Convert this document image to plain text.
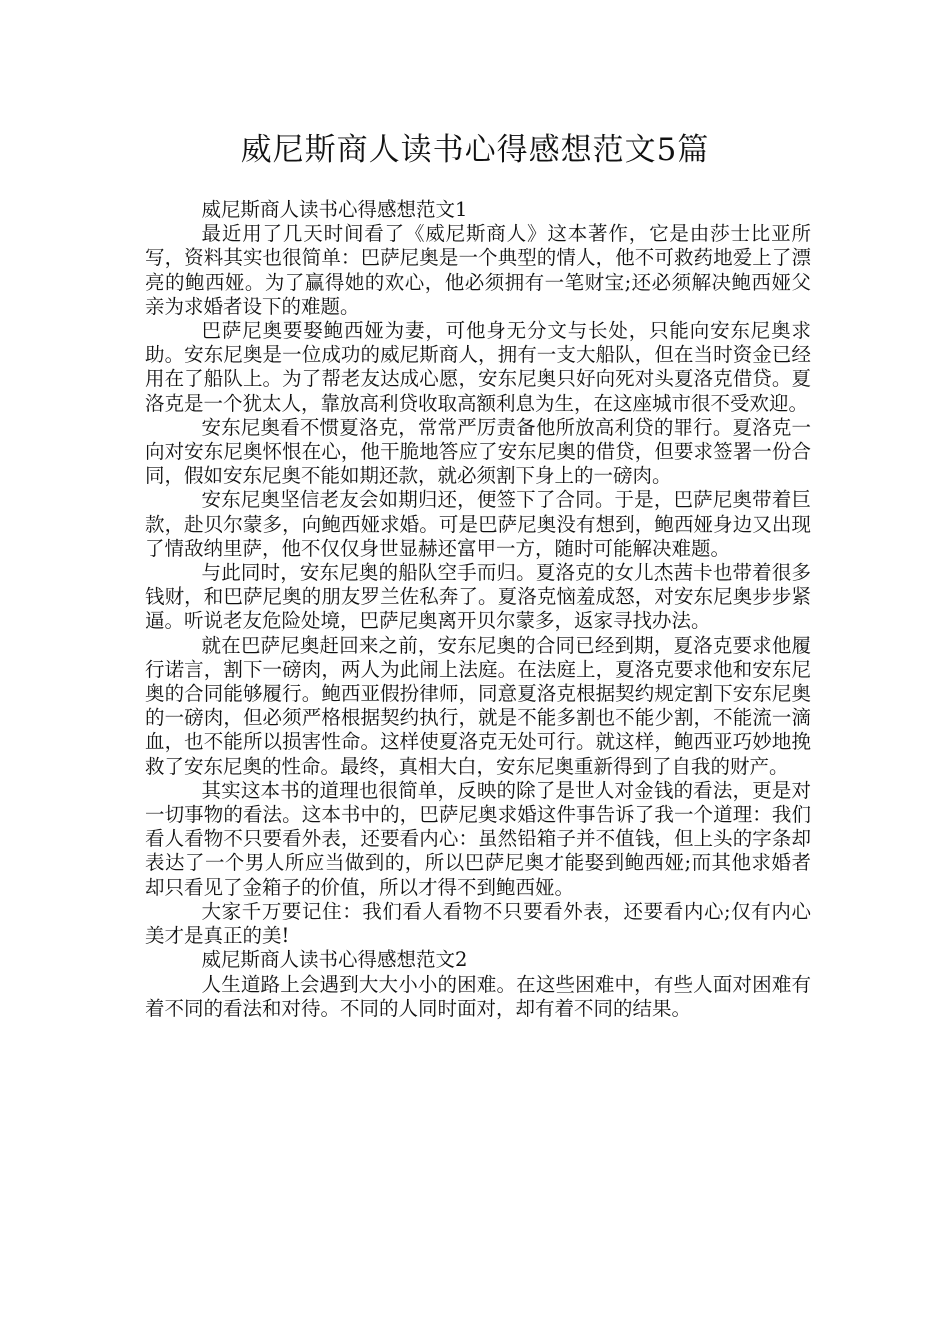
威尼斯商人读书心得感想范文5篇

威尼斯商人读书心得感想范文1

最近用了几天时间看了《威尼斯商人》这本著作，它是由莎士比亚所写，资料其实也很简单：巴萨尼奥是一个典型的情人，他不可救药地爱上了漂亮的鲍西娅。为了赢得她的欢心，他必须拥有一笔财宝;还必须解决鲍西娅父亲为求婚者设下的难题。

巴萨尼奥要娶鲍西娅为妻，可他身无分文与长处，只能向安东尼奥求助。安东尼奥是一位成功的威尼斯商人，拥有一支大船队，但在当时资金已经用在了船队上。为了帮老友达成心愿，安东尼奥只好向死对头夏洛克借贷。夏洛克是一个犹太人，靠放高利贷收取高额利息为生，在这座城市很不受欢迎。

安东尼奥看不惯夏洛克，常常严厉责备他所放高利贷的罪行。夏洛克一向对安东尼奥怀恨在心，他干脆地答应了安东尼奥的借贷，但要求签署一份合同，假如安东尼奥不能如期还款，就必须割下身上的一磅肉。

安东尼奥坚信老友会如期归还，便签下了合同。于是，巴萨尼奥带着巨款，赴贝尔蒙多，向鲍西娅求婚。可是巴萨尼奥没有想到，鲍西娅身边又出现了情敌纳里萨，他不仅仅身世显赫还富甲一方，随时可能解决难题。

与此同时，安东尼奥的船队空手而归。夏洛克的女儿杰茜卡也带着很多钱财，和巴萨尼奥的朋友罗兰佐私奔了。夏洛克恼羞成怒，对安东尼奥步步紧逼。听说老友危险处境，巴萨尼奥离开贝尔蒙多，返家寻找办法。

就在巴萨尼奥赶回来之前，安东尼奥的合同已经到期，夏洛克要求他履行诺言，割下一磅肉，两人为此闹上法庭。在法庭上，夏洛克要求他和安东尼奥的合同能够履行。鲍西亚假扮律师，同意夏洛克根据契约规定割下安东尼奥的一磅肉，但必须严格根据契约执行，就是不能多割也不能少割，不能流一滴血，也不能所以损害性命。这样使夏洛克无处可行。就这样，鲍西亚巧妙地挽救了安东尼奥的性命。最终，真相大白，安东尼奥重新得到了自我的财产。

其实这本书的道理也很简单，反映的除了是世人对金钱的看法，更是对一切事物的看法。这本书中的，巴萨尼奥求婚这件事告诉了我一个道理：我们看人看物不只要看外表，还要看内心：虽然铅箱子并不值钱，但上头的字条却表达了一个男人所应当做到的，所以巴萨尼奥才能娶到鲍西娅;而其他求婚者却只看见了金箱子的价值，所以才得不到鲍西娅。

大家千万要记住：我们看人看物不只要看外表，还要看内心;仅有内心美才是真正的美!

威尼斯商人读书心得感想范文2

人生道路上会遇到大大小小的困难。在这些困难中，有些人面对困难有着不同的看法和对待。不同的人同时面对，却有着不同的结果。
